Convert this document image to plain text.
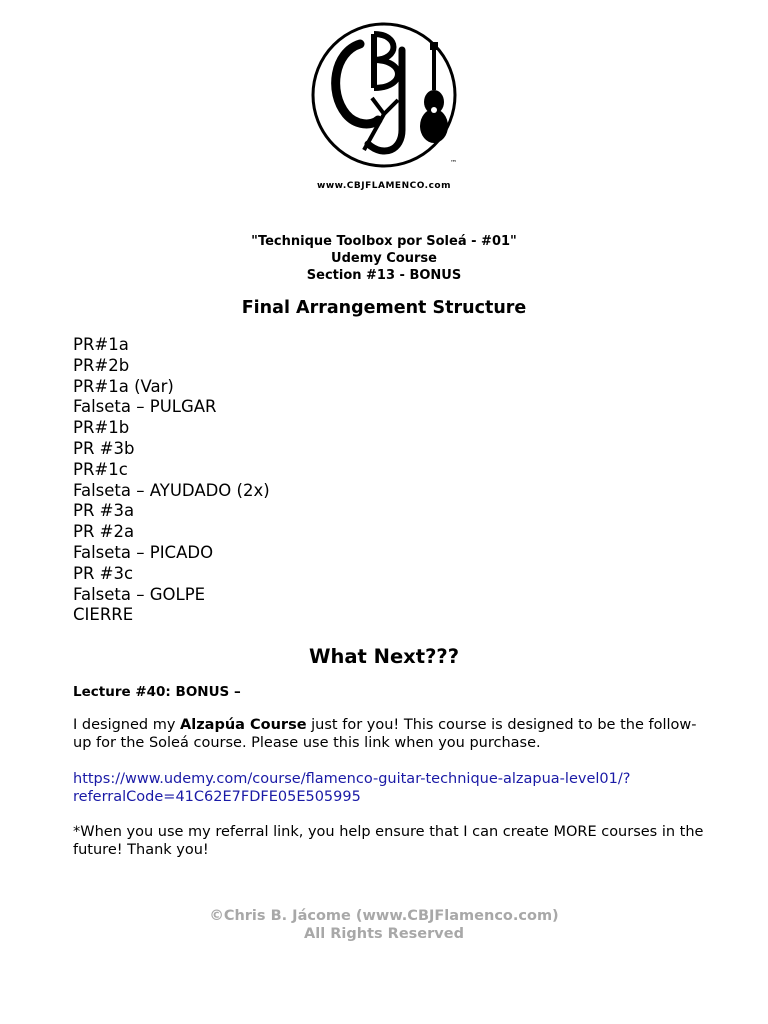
™
www.CBJFLAMENCO.com
"Technique Toolbox por Soleá - #01"
Udemy Course
Section #13 - BONUS
Final Arrangement Structure
PR#1a
PR#2b
PR#1a (Var)
Falseta – PULGAR
PR#1b
PR #3b
PR#1c
Falseta – AYUDADO (2x)
PR #3a
PR #2a
Falseta – PICADO
PR #3c
Falseta – GOLPE
CIERRE
What Next???
Lecture #40: BONUS –

I designed my Alzapúa Course just for you! This course is designed to be the follow-up for the Soleá course. Please use this link when you purchase.

https://www.udemy.com/course/flamenco-guitar-technique-alzapua-level01/?
referralCode=41C62E7FDFE05E505995

*When you use my referral link, you help ensure that I can create MORE courses in the future! Thank you!

©Chris B. Jácome (www.CBJFlamenco.com)
All Rights Reserved
